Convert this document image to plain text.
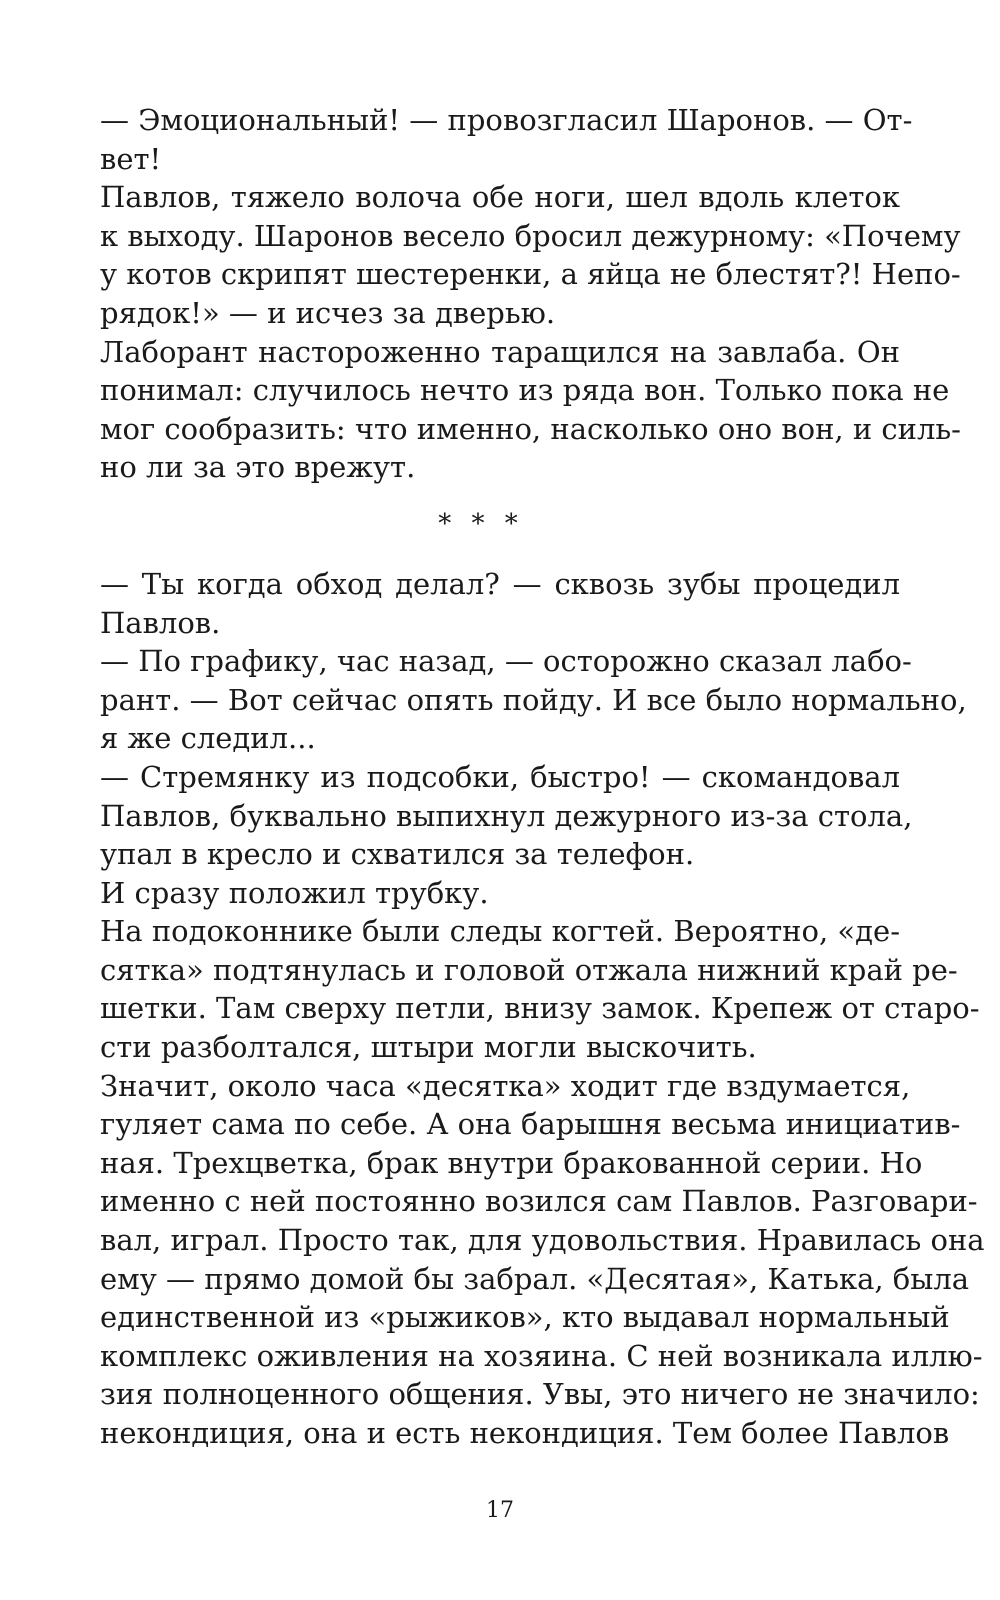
— Эмоциональный! — провозгласил Шаронов. — От-
вет!

Павлов, тяжело волоча обе ноги, шел вдоль клеток
к выходу. Шаронов весело бросил дежурному: «Почему
у котов скрипят шестеренки, а яйца не блестят?! Непо-
рядок!» — и исчез за дверью.

Лаборант настороженно таращился на завлаба. Он
понимал: случилось нечто из ряда вон. Только пока не
мог сообразить: что именно, насколько оно вон, и силь-
но ли за это врежут.

* * *

— Ты когда обход делал? — сквозь зубы процедил
Павлов.

— По графику, час назад, — осторожно сказал лабо-
рант. — Вот сейчас опять пойду. И все было нормально,
я же следил...

— Стремянку из подсобки, быстро! — скомандовал
Павлов, буквально выпихнул дежурного из-за стола,
упал в кресло и схватился за телефон.

И сразу положил трубку.

На подоконнике были следы когтей. Вероятно, «де-
сятка» подтянулась и головой отжала нижний край ре-
шетки. Там сверху петли, внизу замок. Крепеж от старо-
сти разболтался, штыри могли выскочить.

Значит, около часа «десятка» ходит где вздумается,
гуляет сама по себе. А она барышня весьма инициатив-
ная. Трехцветка, брак внутри бракованной серии. Но
именно с ней постоянно возился сам Павлов. Разговари-
вал, играл. Просто так, для удовольствия. Нравилась она
ему — прямо домой бы забрал. «Десятая», Катька, была
единственной из «рыжиков», кто выдавал нормальный
комплекс оживления на хозяина. С ней возникала иллю-
зия полноценного общения. Увы, это ничего не значило:
некондиция, она и есть некондиция. Тем более Павлов

17
